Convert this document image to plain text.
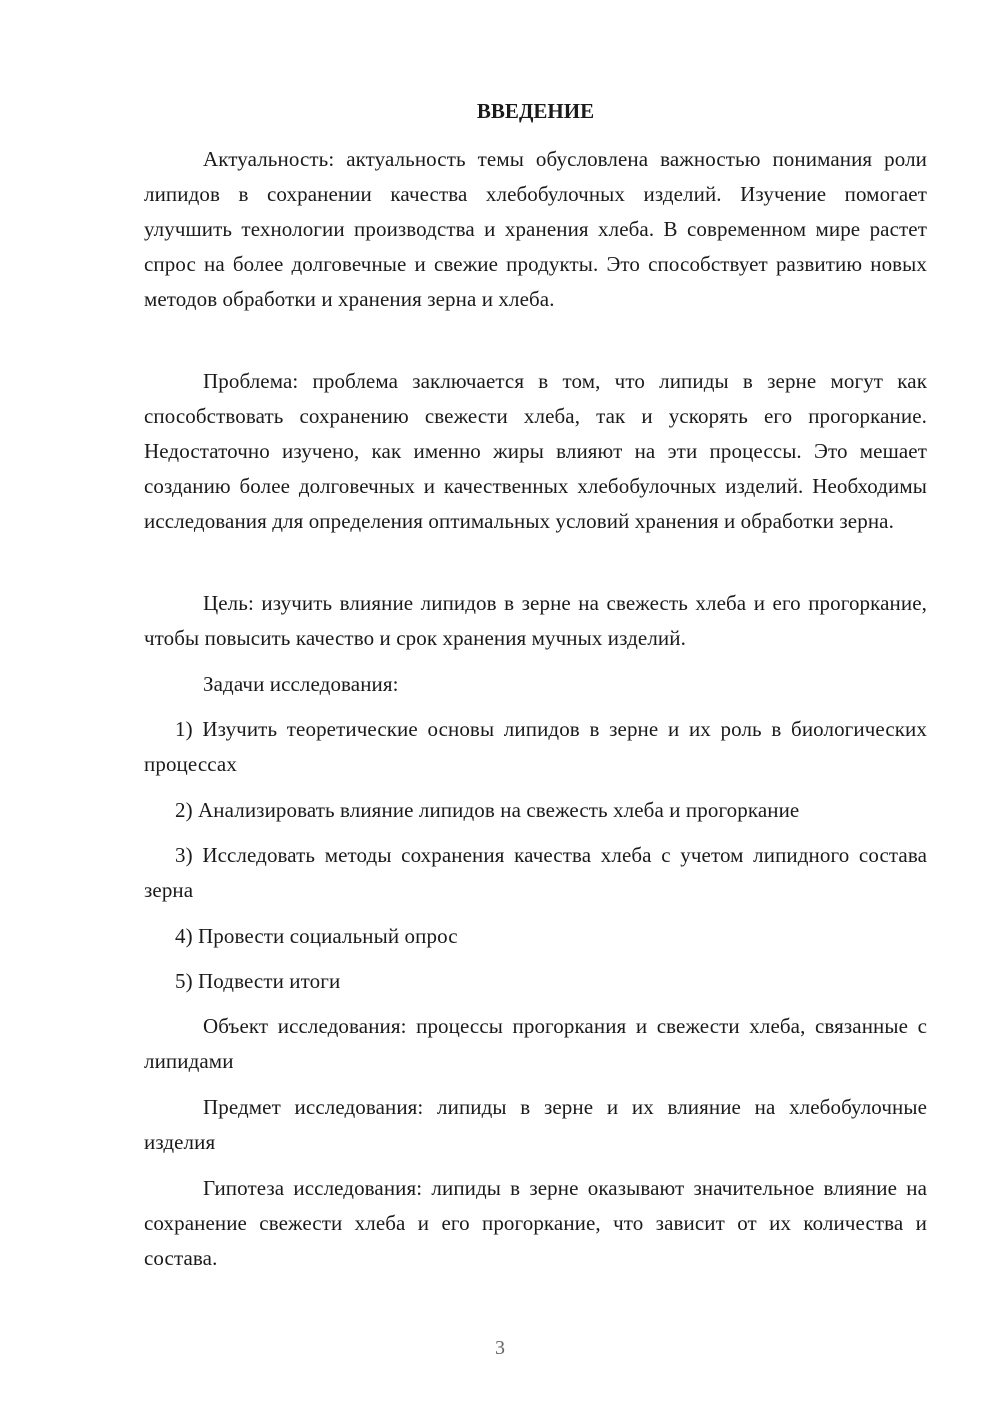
ВВЕДЕНИЕ

Актуальность: актуальность темы обусловлена важностью понимания роли липидов в сохранении качества хлебобулочных изделий. Изучение помогает улучшить технологии производства и хранения хлеба. В современном мире растет спрос на более долговечные и свежие продукты. Это способствует развитию новых методов обработки и хранения зерна и хлеба.

Проблема: проблема заключается в том, что липиды в зерне могут как способствовать сохранению свежести хлеба, так и ускорять его прогоркание. Недостаточно изучено, как именно жиры влияют на эти процессы. Это мешает созданию более долговечных и качественных хлебобулочных изделий. Необходимы исследования для определения оптимальных условий хранения и обработки зерна.

Цель: изучить влияние липидов в зерне на свежесть хлеба и его прогоркание, чтобы повысить качество и срок хранения мучных изделий.

Задачи исследования:

1) Изучить теоретические основы липидов в зерне и их роль в биологических процессах

2) Анализировать влияние липидов на свежесть хлеба и прогоркание

3) Исследовать методы сохранения качества хлеба с учетом липидного состава зерна

4) Провести социальный опрос

5) Подвести итоги

Объект исследования: процессы прогоркания и свежести хлеба, связанные с липидами

Предмет исследования: липиды в зерне и их влияние на хлебобулочные изделия

Гипотеза исследования: липиды в зерне оказывают значительное влияние на сохранение свежести хлеба и его прогоркание, что зависит от их количества и состава.

3
